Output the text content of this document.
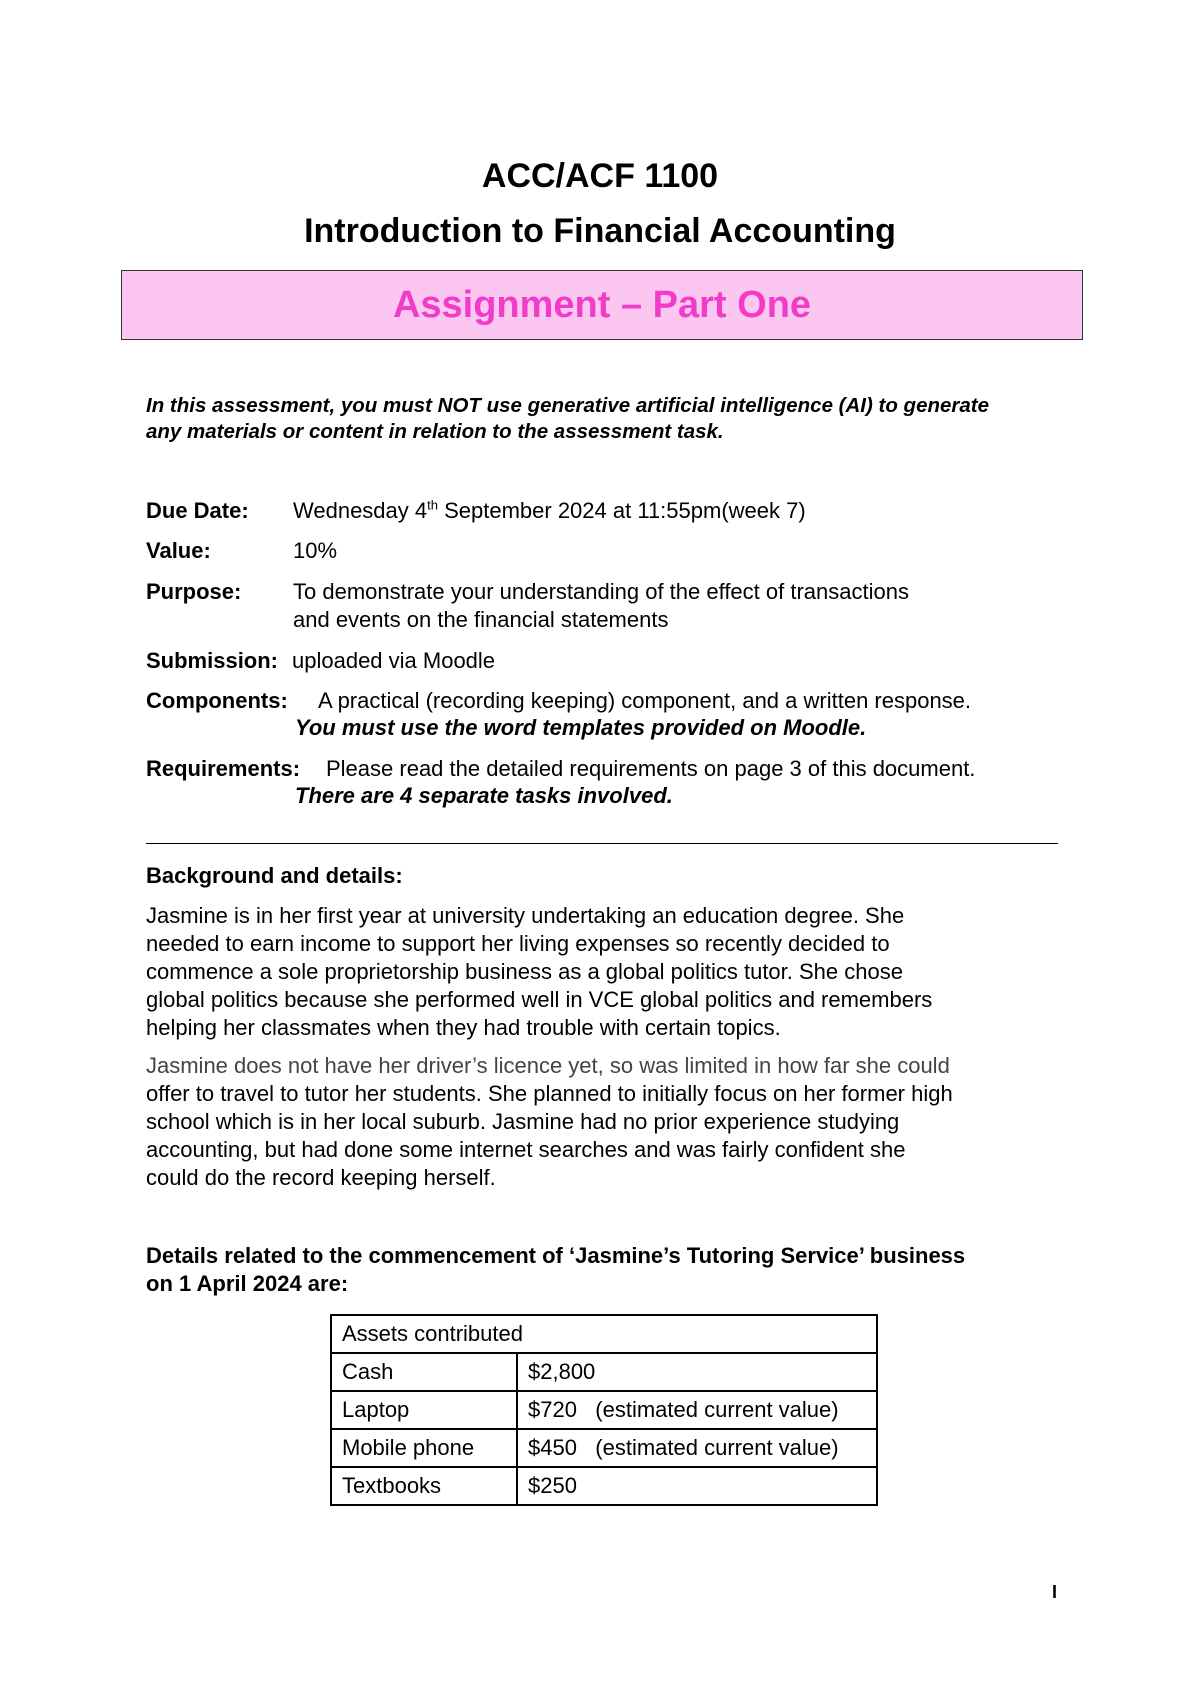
ACC/ACF 1100
Introduction to Financial Accounting
Assignment – Part One
In this assessment, you must NOT use generative artificial intelligence (AI) to generate
any materials or content in relation to the assessment task.
Due Date: Wednesday 4th September 2024 at 11:55pm(week 7)
Value:	10%
Purpose: To demonstrate your understanding of the effect of transactions
and events on the financial statements
Submission: uploaded via Moodle
Components: A practical (recording keeping) component, and a written response.
You must use the word templates provided on Moodle.
Requirements: Please read the detailed requirements on page 3 of this document.
There are 4 separate tasks involved.
Background and details:
Jasmine is in her first year at university undertaking an education degree. She
needed to earn income to support her living expenses so recently decided to
commence a sole proprietorship business as a global politics tutor. She chose
global politics because she performed well in VCE global politics and remembers
helping her classmates when they had trouble with certain topics.
Jasmine does not have her driver’s licence yet, so was limited in how far she could
offer to travel to tutor her students. She planned to initially focus on her former high
school which is in her local suburb. Jasmine had no prior experience studying
accounting, but had done some internet searches and was fairly confident she
could do the record keeping herself.
Details related to the commencement of ‘Jasmine’s Tutoring Service’ business
on 1 April 2024 are:
Assets contributed	
Cash	$2,800
Laptop	$720   (estimated current value)
Mobile phone	$450   (estimated current value)
Textbooks	$250
I
